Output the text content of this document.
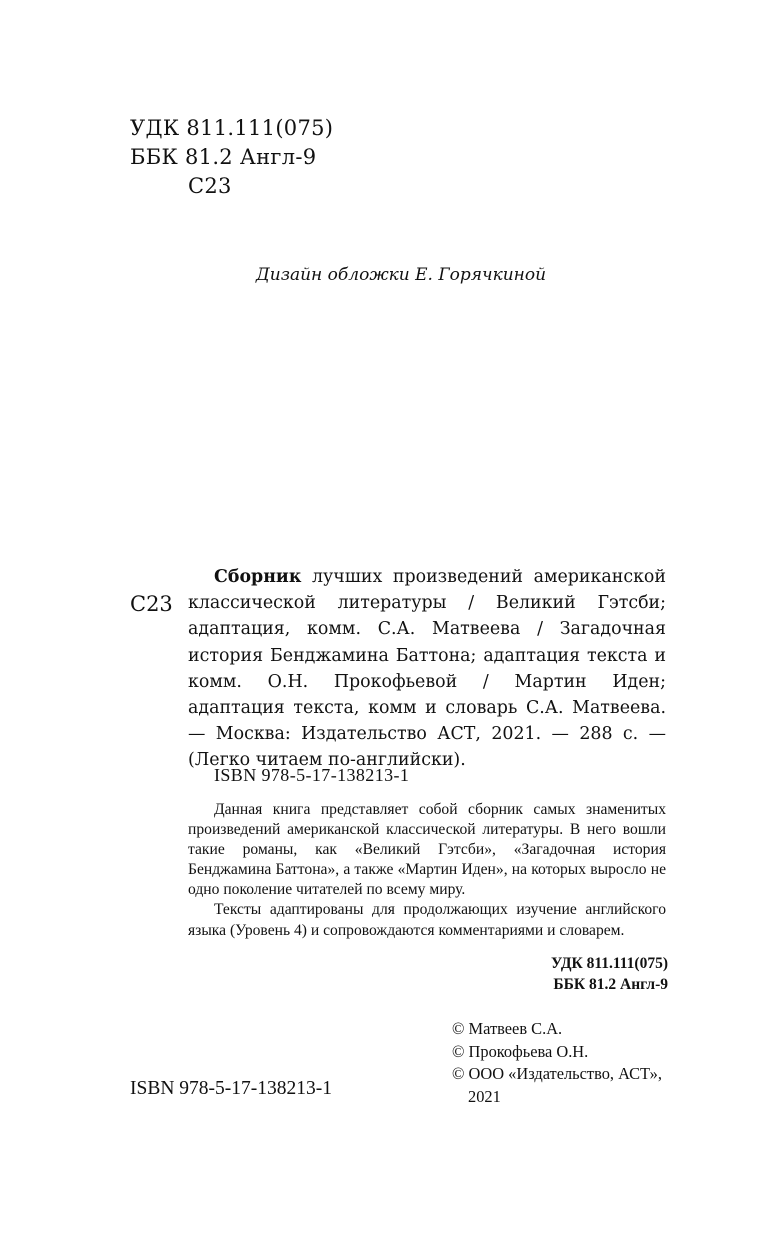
УДК 811.111(075)
ББК 81.2 Англ-9
С23
Дизайн обложки Е. Горячкиной
С23
Сборник лучших произведений американской классической литературы / Великий Гэтсби; адаптация, комм. С.А. Матвеева / Загадочная история Бенджамина Баттона; адаптация текста и комм. О.Н. Прокофьевой / Мартин Иден; адаптация текста, комм и словарь С.А. Матвеева. — Москва: Издательство АСТ, 2021. — 288 с. — (Легко читаем по-английски).
ISBN 978-5-17-138213-1

Данная книга представляет собой сборник самых знаменитых произведений американской классической литературы. В него вошли такие романы, как «Великий Гэтсби», «Загадочная история Бенджамина Баттона», а также «Мартин Иден», на которых выросло не одно поколение читателей по всему миру.

Тексты адаптированы для продолжающих изучение английского языка (Уровень 4) и сопровождаются комментариями и словарем.

УДК 811.111(075)
ББК 81.2 Англ-9
© Матвеев С.А.
© Прокофьева О.Н.
© ООО «Издательство, АСТ»,
2021
ISBN 978-5-17-138213-1
